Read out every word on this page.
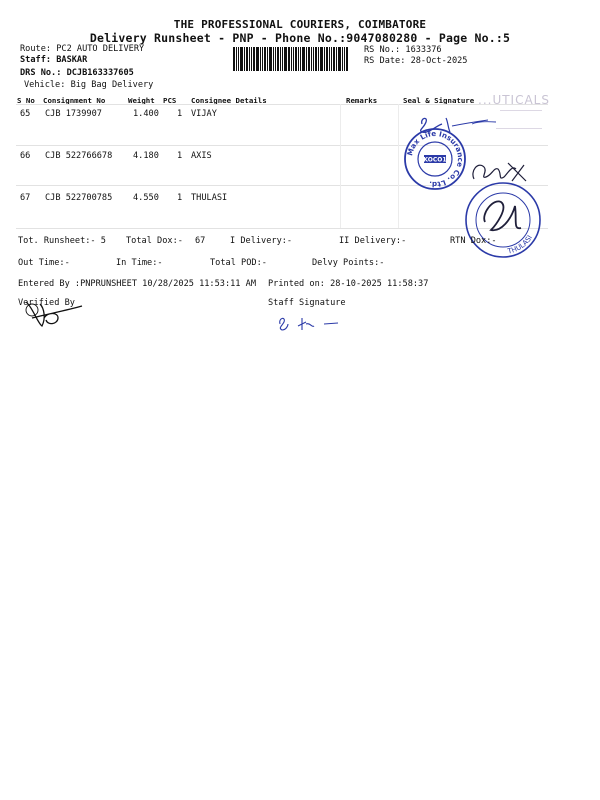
THE PROFESSIONAL COURIERS, COIMBATORE
Delivery Runsheet - PNP - Phone No.:9047080280 - Page No.:5
Route: PC2 AUTO DELIVERY
Staff: BASKAR
DRS No.: DCJB163337605
Vehicle: Big Bag Delivery
RS No.: 1633376
RS Date: 28-Oct-2025
...UTICALS
S No Consignment No	Weight PCS Consignee Details	Remarks	Seal & Signature
65 CJB 1739907	1.400 1 VIJAY
66 CJB 522766678 4.180 1 AXIS
67 CJB 522700785 4.550 1 THULASI
Max Life Insurance Co. Ltd.
KOCO1
THULASI
Tot. Runsheet:- 5 Total Dox:- 67	I Delivery:-	II Delivery:-	RTN Dox:-
Out Time:-	In Time:-	Total POD:-	Delvy Points:-
Entered By :PNPRUNSHEET 10/28/2025 11:53:11 AM Printed on: 28-10-2025 11:58:37
Verified By	Staff Signature
